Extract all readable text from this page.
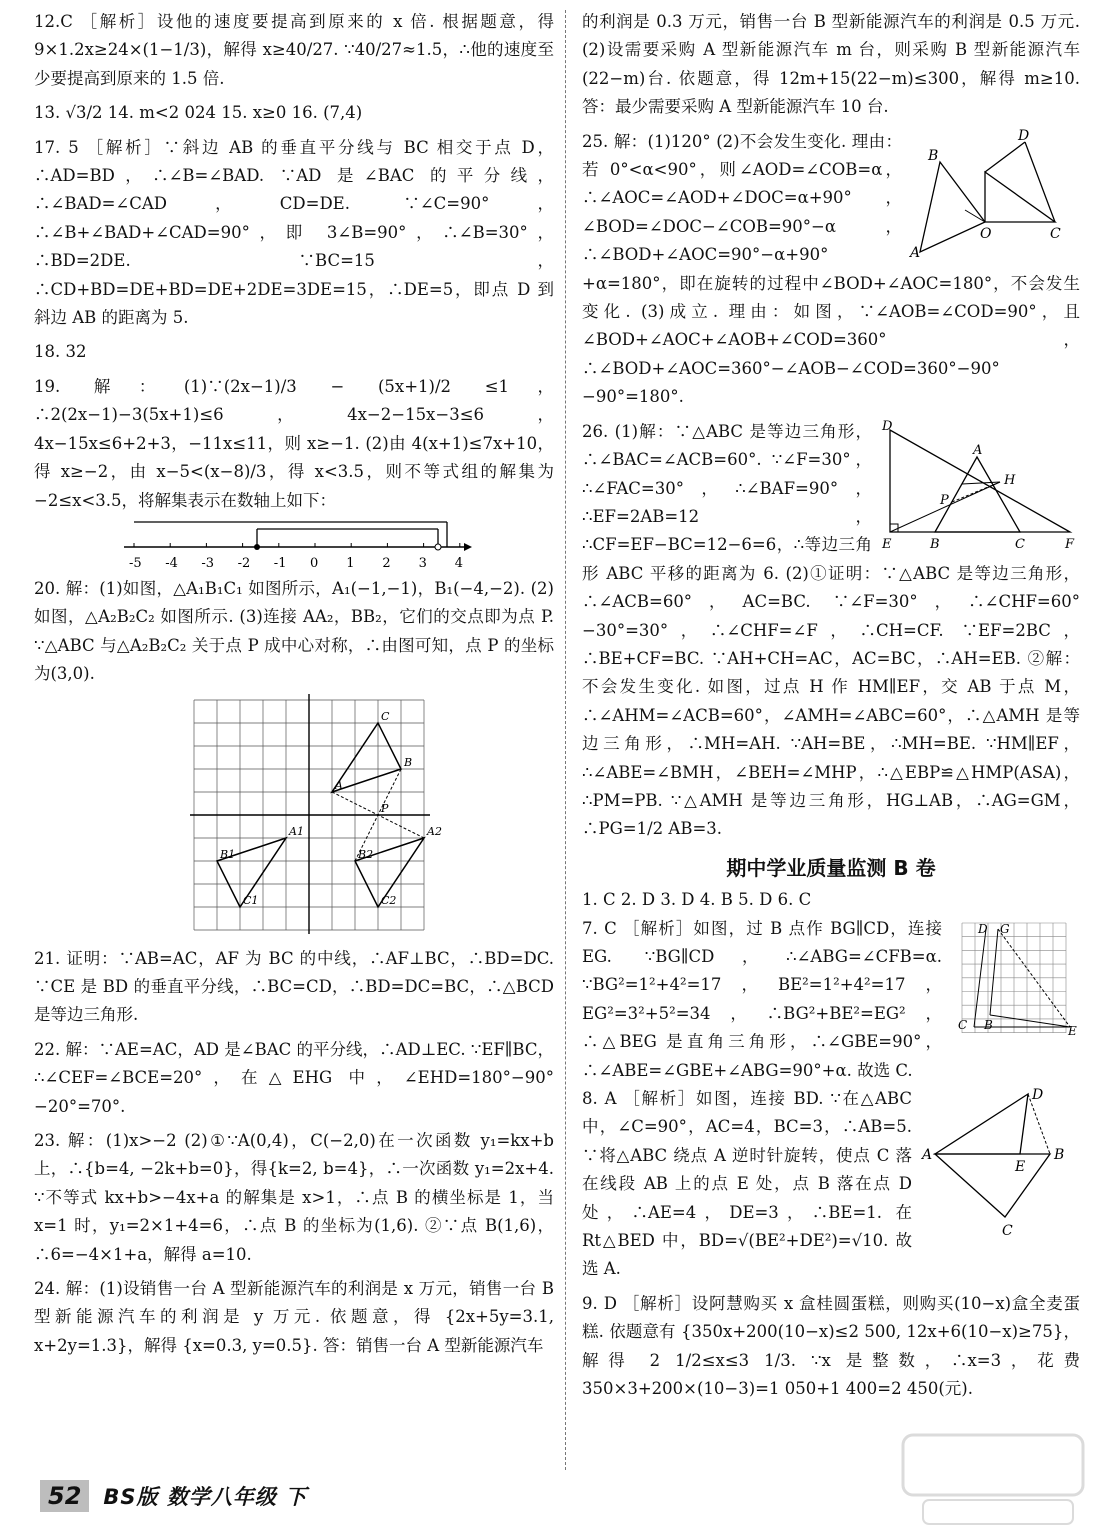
12.C ［解析］设他的速度要提高到原来的 x 倍. 根据题意，得 9×1.2x≥24×(1−1/3)，解得 x≥40/27. ∵40/27≈1.5，∴他的速度至少要提高到原来的 1.5 倍.

13. √3/2 14. m<2 024 15. x≥0 16. (7,4)

17. 5 ［解析］∵斜边 AB 的垂直平分线与 BC 相交于点 D，∴AD=BD，∴∠B=∠BAD. ∵AD 是∠BAC 的平分线，∴∠BAD=∠CAD，CD=DE. ∵∠C=90°，∴∠B+∠BAD+∠CAD=90°，即 3∠B=90°，∴∠B=30°，∴BD=2DE. ∵BC=15，∴CD+BD=DE+BD=DE+2DE=3DE=15，∴DE=5，即点 D 到斜边 AB 的距离为 5.

18. 32

19. 解：(1)∵(2x−1)/3 − (5x+1)/2 ≤1，∴2(2x−1)−3(5x+1)≤6，4x−2−15x−3≤6，4x−15x≤6+2+3，−11x≤11，则 x≥−1. (2)由 4(x+1)≤7x+10，得 x≥−2，由 x−5<(x−8)/3，得 x<3.5，则不等式组的解集为 −2≤x<3.5，将解集表示在数轴上如下：

-5 -4 -3 -2 -1 0 1 2 3 4

20. 解：(1)如图，△A₁B₁C₁ 如图所示，A₁(−1,−1)，B₁(−4,−2). (2)如图，△A₂B₂C₂ 如图所示. (3)连接 AA₂，BB₂，它们的交点即为点 P. ∵△ABC 与△A₂B₂C₂ 关于点 P 成中心对称，∴由图可知，点 P 的坐标为(3,0).

A
B
C
A1
B1
C1
A2
B2
C2
P

21. 证明：∵AB=AC，AF 为 BC 的中线，∴AF⊥BC，∴BD=DC. ∵CE 是 BD 的垂直平分线，∴BC=CD，∴BD=DC=BC，∴△BCD 是等边三角形.

22. 解：∵AE=AC，AD 是∠BAC 的平分线，∴AD⊥EC. ∵EF∥BC，∴∠CEF=∠BCE=20°，在△EHG 中，∠EHD=180°−90°−20°=70°.

23. 解：(1)x>−2 (2)①∵A(0,4)，C(−2,0)在一次函数 y₁=kx+b 上，∴{b=4, −2k+b=0}，得{k=2, b=4}，∴一次函数 y₁=2x+4. ∵不等式 kx+b>−4x+a 的解集是 x>1，∴点 B 的横坐标是 1，当 x=1 时，y₁=2×1+4=6，∴点 B 的坐标为(1,6). ②∵点 B(1,6)，∴6=−4×1+a，解得 a=10.

24. 解：(1)设销售一台 A 型新能源汽车的利润是 x 万元，销售一台 B 型新能源汽车的利润是 y 万元. 依题意，得 {2x+5y=3.1, x+2y=1.3}，解得 {x=0.3, y=0.5}. 答：销售一台 A 型新能源汽车

的利润是 0.3 万元，销售一台 B 型新能源汽车的利润是 0.5 万元. (2)设需要采购 A 型新能源汽车 m 台，则采购 B 型新能源汽车(22−m)台. 依题意，得 12m+15(22−m)≤300，解得 m≥10. 答：最少需要采购 A 型新能源汽车 10 台.

B
D
O	C
A

25. 解：(1)120° (2)不会发生变化. 理由：若 0°<α<90°，则∠AOD=∠COB=α，∴∠AOC=∠AOD+∠DOC=α+90°，∠BOD=∠DOC−∠COB=90°−α，∴∠BOD+∠AOC=90°−α+90°+α=180°，即在旋转的过程中∠BOD+∠AOC=180°，不会发生变化. (3)成立. 理由：如图，∵∠AOB=∠COD=90°，且∠BOD+∠AOC+∠AOB+∠COD=360°，∴∠BOD+∠AOC=360°−∠AOB−∠COD=360°−90°−90°=180°.

D
A
H
P
E	B	C	F

26. (1)解：∵△ABC 是等边三角形，∴∠BAC=∠ACB=60°. ∵∠F=30°，∴∠FAC=30°，∴∠BAF=90°，∴EF=2AB=12，∴CF=EF−BC=12−6=6，∴等边三角形 ABC 平移的距离为 6. (2)①证明：∵△ABC 是等边三角形，∴∠ACB=60°，AC=BC. ∵∠F=30°，∴∠CHF=60°−30°=30°，∴∠CHF=∠F，∴CH=CF. ∵EF=2BC，∴BE+CF=BC. ∵AH+CH=AC，AC=BC，∴AH=EB. ②解：不会发生变化. 如图，过点 H 作 HM∥EF，交 AB 于点 M，∴∠AHM=∠ACB=60°，∠AMH=∠ABC=60°，∴△AMH 是等边三角形，∴MH=AH. ∵AH=BE，∴MH=BE. ∵HM∥EF，∴∠ABE=∠BMH，∠BEH=∠MHP，∴△EBP≌△HMP(ASA)，∴PM=PB. ∵△AMH 是等边三角形，HG⊥AB，∴AG=GM，∴PG=1/2 AB=3.

期中学业质量监测 B 卷

1. C 2. D 3. D 4. B 5. D 6. C

D G
C B	E

7. C ［解析］如图，过 B 点作 BG∥CD，连接 EG. ∵BG∥CD，∴∠ABG=∠CFB=α. ∵BG²=1²+4²=17，BE²=1²+4²=17，EG²=3²+5²=34，∴BG²+BE²=EG²，∴△BEG 是直角三角形，∴∠GBE=90°，∴∠ABE=∠GBE+∠ABG=90°+α. 故选 C.

A
D
E
B
C

8. A ［解析］如图，连接 BD. ∵在△ABC 中，∠C=90°，AC=4，BC=3，∴AB=5. ∵将△ABC 绕点 A 逆时针旋转，使点 C 落在线段 AB 上的点 E 处，点 B 落在点 D 处，∴AE=4，DE=3，∴BE=1. 在 Rt△BED 中，BD=√(BE²+DE²)=√10. 故选 A.

9. D ［解析］设阿慧购买 x 盒桂圆蛋糕，则购买(10−x)盒全麦蛋糕. 依题意有 {350x+200(10−x)≤2 500, 12x+6(10−x)≥75}，解得 2 1/2≤x≤3 1/3. ∵x 是整数，∴x=3，花费 350×3+200×(10−3)=1 050+1 400=2 450(元).

52	BS版 数学八年级 下
